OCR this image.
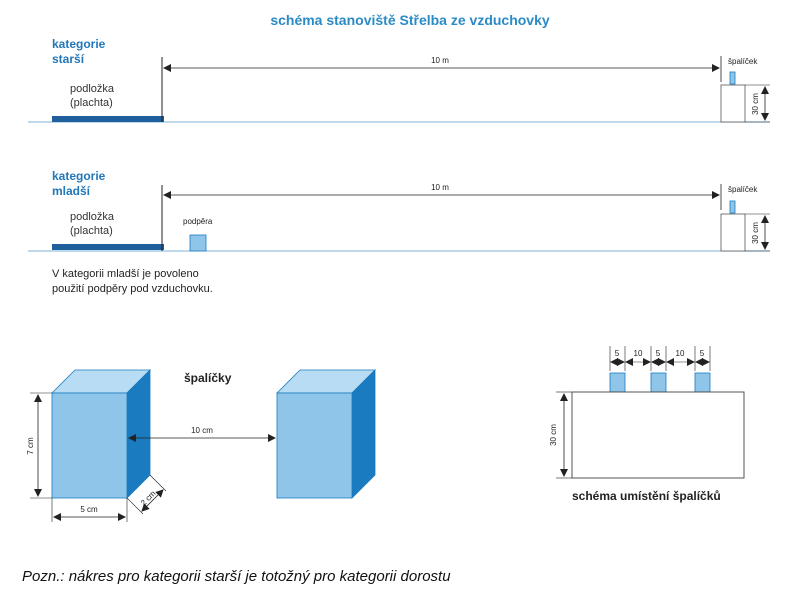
schéma stanoviště Střelba ze vzduchovky
kategorie
starší
podložka
(plachta)
10 m	špalíček
30 cm
kategorie
mladší
podložka
(plachta)
podpěra
10 m	špalíček
30 cm
V kategorii mladší je povoleno
použití podpěry pod vzduchovku.
špalíčky
7 cm
5 cm
2 cm
10 cm
5 10 5 10 5
30 cm
schéma umístění špalíčků
Pozn.: nákres pro kategorii starší je totožný pro kategorii dorostu
